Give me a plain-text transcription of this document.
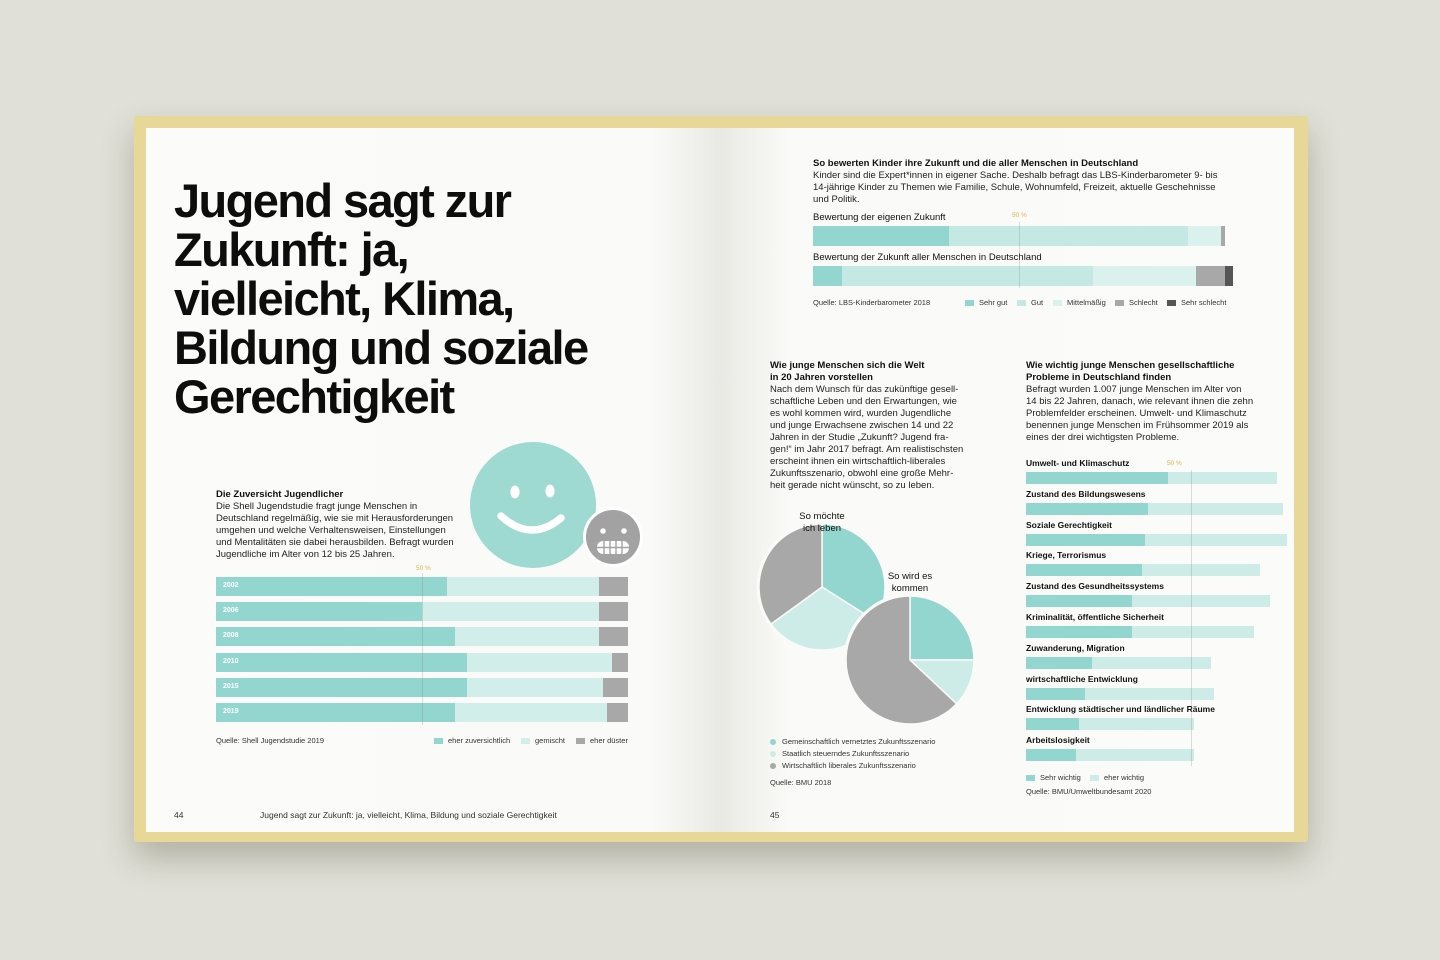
Jugend sagt zur
Zukunft: ja,
vielleicht, Klima,
Bildung und soziale
Gerechtigkeit
Die Zuversicht Jugendlicher
Die Shell Jugendstudie fragt junge Menschen in
Deutschland regelmäßig, wie sie mit Herausforderungen
umgehen und welche Verhaltensweisen, Einstellungen
und Mentalitäten sie dabei herausbilden. Befragt wurden
Jugendliche im Alter von 12 bis 25 Jahren.
50 %
2002
2006
2008
2010
2015
2019
Quelle: Shell Jugendstudie 2019	eher zuversichtlich	gemischt	eher düster
44	Jugend sagt zur Zukunft: ja, vielleicht, Klima, Bildung und soziale Gerechtigkeit
So bewerten Kinder ihre Zukunft und die aller Menschen in Deutschland
Kinder sind die Expert*innen in eigener Sache. Deshalb befragt das LBS-Kinderbarometer 9- bis
14-jährige Kinder zu Themen wie Familie, Schule, Wohnumfeld, Freizeit, aktuelle Geschehnisse
und Politik.
50 %
Bewertung der eigenen Zukunft
Bewertung der Zukunft aller Menschen in Deutschland
Quelle: LBS-Kinderbarometer 2018	Sehr gut	Gut	Mittelmäßig	Schlecht	Sehr schlecht
Wie junge Menschen sich die Welt
in 20 Jahren vorstellen
Nach dem Wunsch für das zukünftige gesell-
schaftliche Leben und den Erwartungen, wie
es wohl kommen wird, wurden Jugendliche
und junge Erwachsene zwischen 14 und 22
Jahren in der Studie „Zukunft? Jugend fra-
gen!“ im Jahr 2017 befragt. Am realistischsten
erscheint ihnen ein wirtschaftlich-liberales
Zukunftsszenario, obwohl eine große Mehr-
heit gerade nicht wünscht, so zu leben.
So möchte
ich leben
So wird es
kommen
Gemeinschaftlich vernetztes Zukunftsszenario
Staatlich steuerndes Zukunftsszenario
Wirtschaftlich liberales Zukunftsszenario
Quelle: BMU 2018
Wie wichtig junge Menschen gesellschaftliche
Probleme in Deutschland finden
Befragt wurden 1.007 junge Menschen im Alter von
14 bis 22 Jahren, danach, wie relevant ihnen die zehn
Problemfelder erscheinen. Umwelt- und Klimaschutz
benennen junge Menschen im Frühsommer 2019 als
eines der drei wichtigsten Probleme.
50 %
Umwelt- und Klimaschutz
Zustand des Bildungswesens
Soziale Gerechtigkeit
Kriege, Terrorismus
Zustand des Gesundheitssystems
Kriminalität, öffentliche Sicherheit
Zuwanderung, Migration
wirtschaftliche Entwicklung
Entwicklung städtischer und ländlicher Räume
Arbeitslosigkeit
Sehr wichtig	eher wichtig
Quelle: BMU/Umweltbundesamt 2020
45
